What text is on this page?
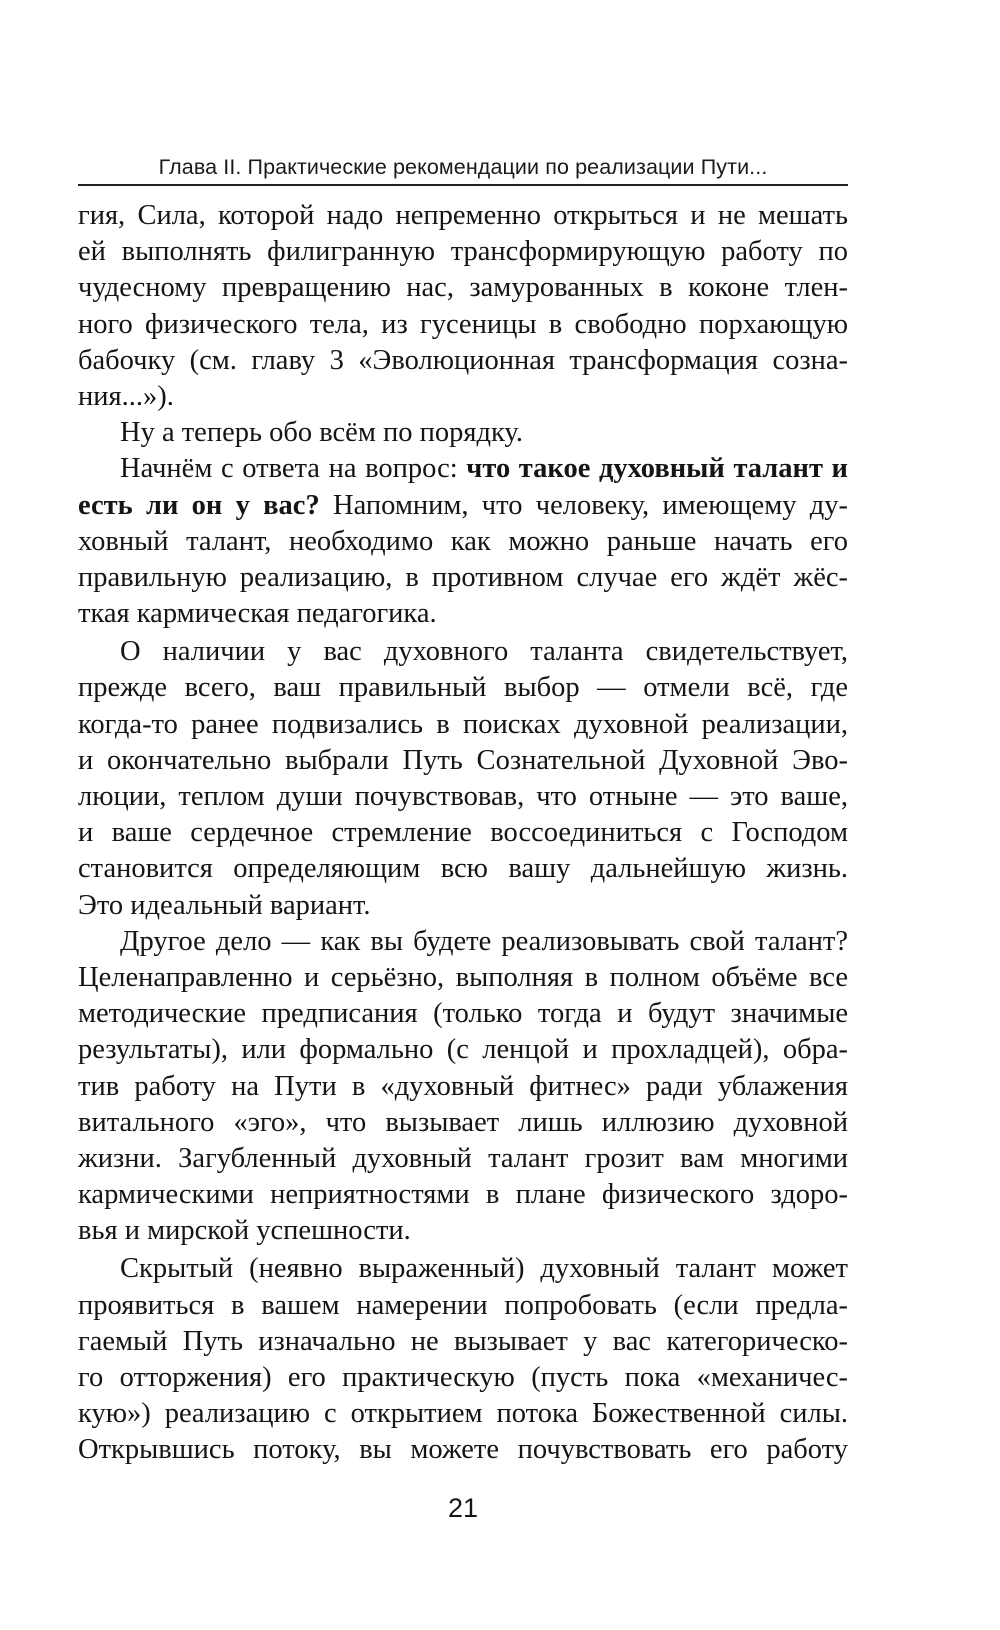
Глава II. Практические рекомендации по реализации Пути...
гия, Сила, которой надо непременно открыться и не мешать
ей выполнять филигранную трансформирующую работу по
чудесному превращению нас, замурованных в коконе тлен-
ного физического тела, из гусеницы в свободно порхающую
бабочку (см. главу 3 «Эволюционная трансформация созна-
ния...»).
Ну а теперь обо всём по порядку.
Начнём с ответа на вопрос: что такое духовный талант и
есть ли он у вас? Напомним, что человеку, имеющему ду-
ховный талант, необходимо как можно раньше начать его
правильную реализацию, в противном случае его ждёт жёс-
ткая кармическая педагогика.
О наличии у вас духовного таланта свидетельствует,
прежде всего, ваш правильный выбор — отмели всё, где
когда-то ранее подвизались в поисках духовной реализации,
и окончательно выбрали Путь Сознательной Духовной Эво-
люции, теплом души почувствовав, что отныне — это ваше,
и ваше сердечное стремление воссоединиться с Господом
становится определяющим всю вашу дальнейшую жизнь.
Это идеальный вариант.
Другое дело — как вы будете реализовывать свой талант?
Целенаправленно и серьёзно, выполняя в полном объёме все
методические предписания (только тогда и будут значимые
результаты), или формально (с ленцой и прохладцей), обра-
тив работу на Пути в «духовный фитнес» ради ублажения
витального «эго», что вызывает лишь иллюзию духовной
жизни. Загубленный духовный талант грозит вам многими
кармическими неприятностями в плане физического здоро-
вья и мирской успешности.
Скрытый (неявно выраженный) духовный талант может
проявиться в вашем намерении попробовать (если предла-
гаемый Путь изначально не вызывает у вас категорическо-
го отторжения) его практическую (пусть пока «механичес-
кую») реализацию с открытием потока Божественной силы.
Открывшись потоку, вы можете почувствовать его работу
21
